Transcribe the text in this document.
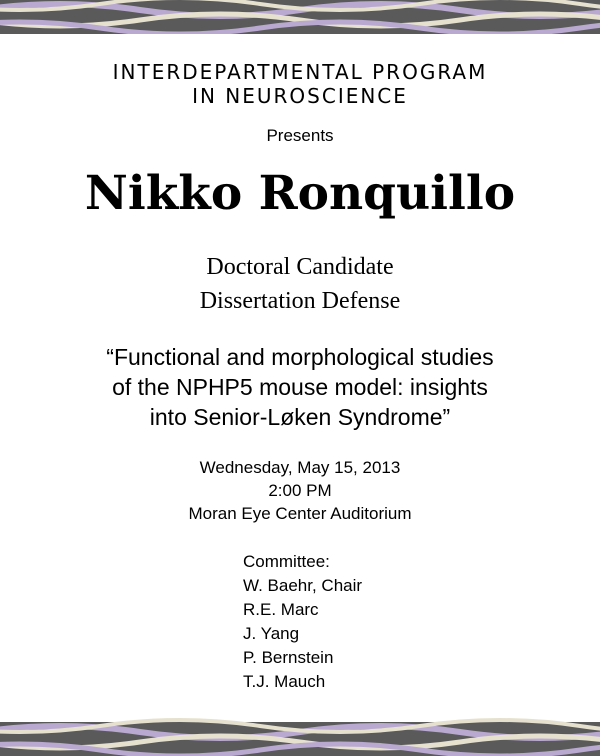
INTERDEPARTMENTAL PROGRAM
IN NEUROSCIENCE
Presents
Nikko Ronquillo
Doctoral Candidate
Dissertation Defense
“Functional and morphological studies
of the NPHP5 mouse model: insights
into Senior-Løken Syndrome”
Wednesday, May 15, 2013
2:00 PM
Moran Eye Center Auditorium
Committee:
W. Baehr, Chair
R.E. Marc
J. Yang
P. Bernstein
T.J. Mauch
